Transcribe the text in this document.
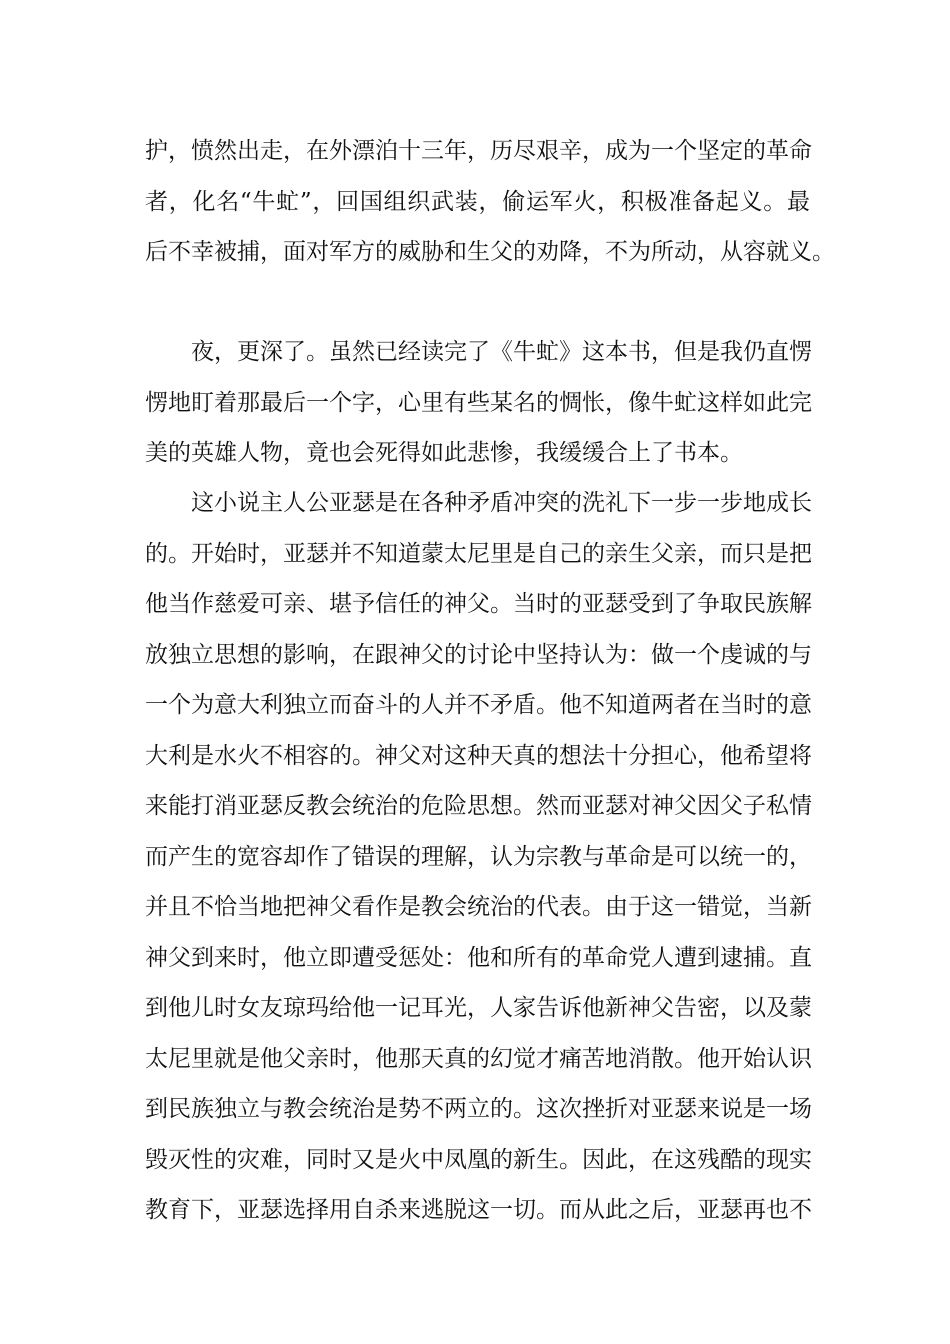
护，愤然出走，在外漂泊十三年，历尽艰辛，成为一个坚定的革命
者，化名“牛虻”，回国组织武装，偷运军火，积极准备起义。最
后不幸被捕，面对军方的威胁和生父的劝降，不为所动，从容就义。
　　夜，更深了。虽然已经读完了《牛虻》这本书，但是我仍直愣
愣地盯着那最后一个字，心里有些某名的惆怅，像牛虻这样如此完
美的英雄人物，竟也会死得如此悲惨，我缓缓合上了书本。
　　这小说主人公亚瑟是在各种矛盾冲突的洗礼下一步一步地成长
的。开始时，亚瑟并不知道蒙太尼里是自己的亲生父亲，而只是把
他当作慈爱可亲、堪予信任的神父。当时的亚瑟受到了争取民族解
放独立思想的影响，在跟神父的讨论中坚持认为：做一个虔诚的与
一个为意大利独立而奋斗的人并不矛盾。他不知道两者在当时的意
大利是水火不相容的。神父对这种天真的想法十分担心，他希望将
来能打消亚瑟反教会统治的危险思想。然而亚瑟对神父因父子私情
而产生的宽容却作了错误的理解，认为宗教与革命是可以统一的，
并且不恰当地把神父看作是教会统治的代表。由于这一错觉，当新
神父到来时，他立即遭受惩处：他和所有的革命党人遭到逮捕。直
到他儿时女友琼玛给他一记耳光，人家告诉他新神父告密，以及蒙
太尼里就是他父亲时，他那天真的幻觉才痛苦地消散。他开始认识
到民族独立与教会统治是势不两立的。这次挫折对亚瑟来说是一场
毁灭性的灾难，同时又是火中凤凰的新生。因此，在这残酷的现实
教育下，亚瑟选择用自杀来逃脱这一切。而从此之后，亚瑟再也不
